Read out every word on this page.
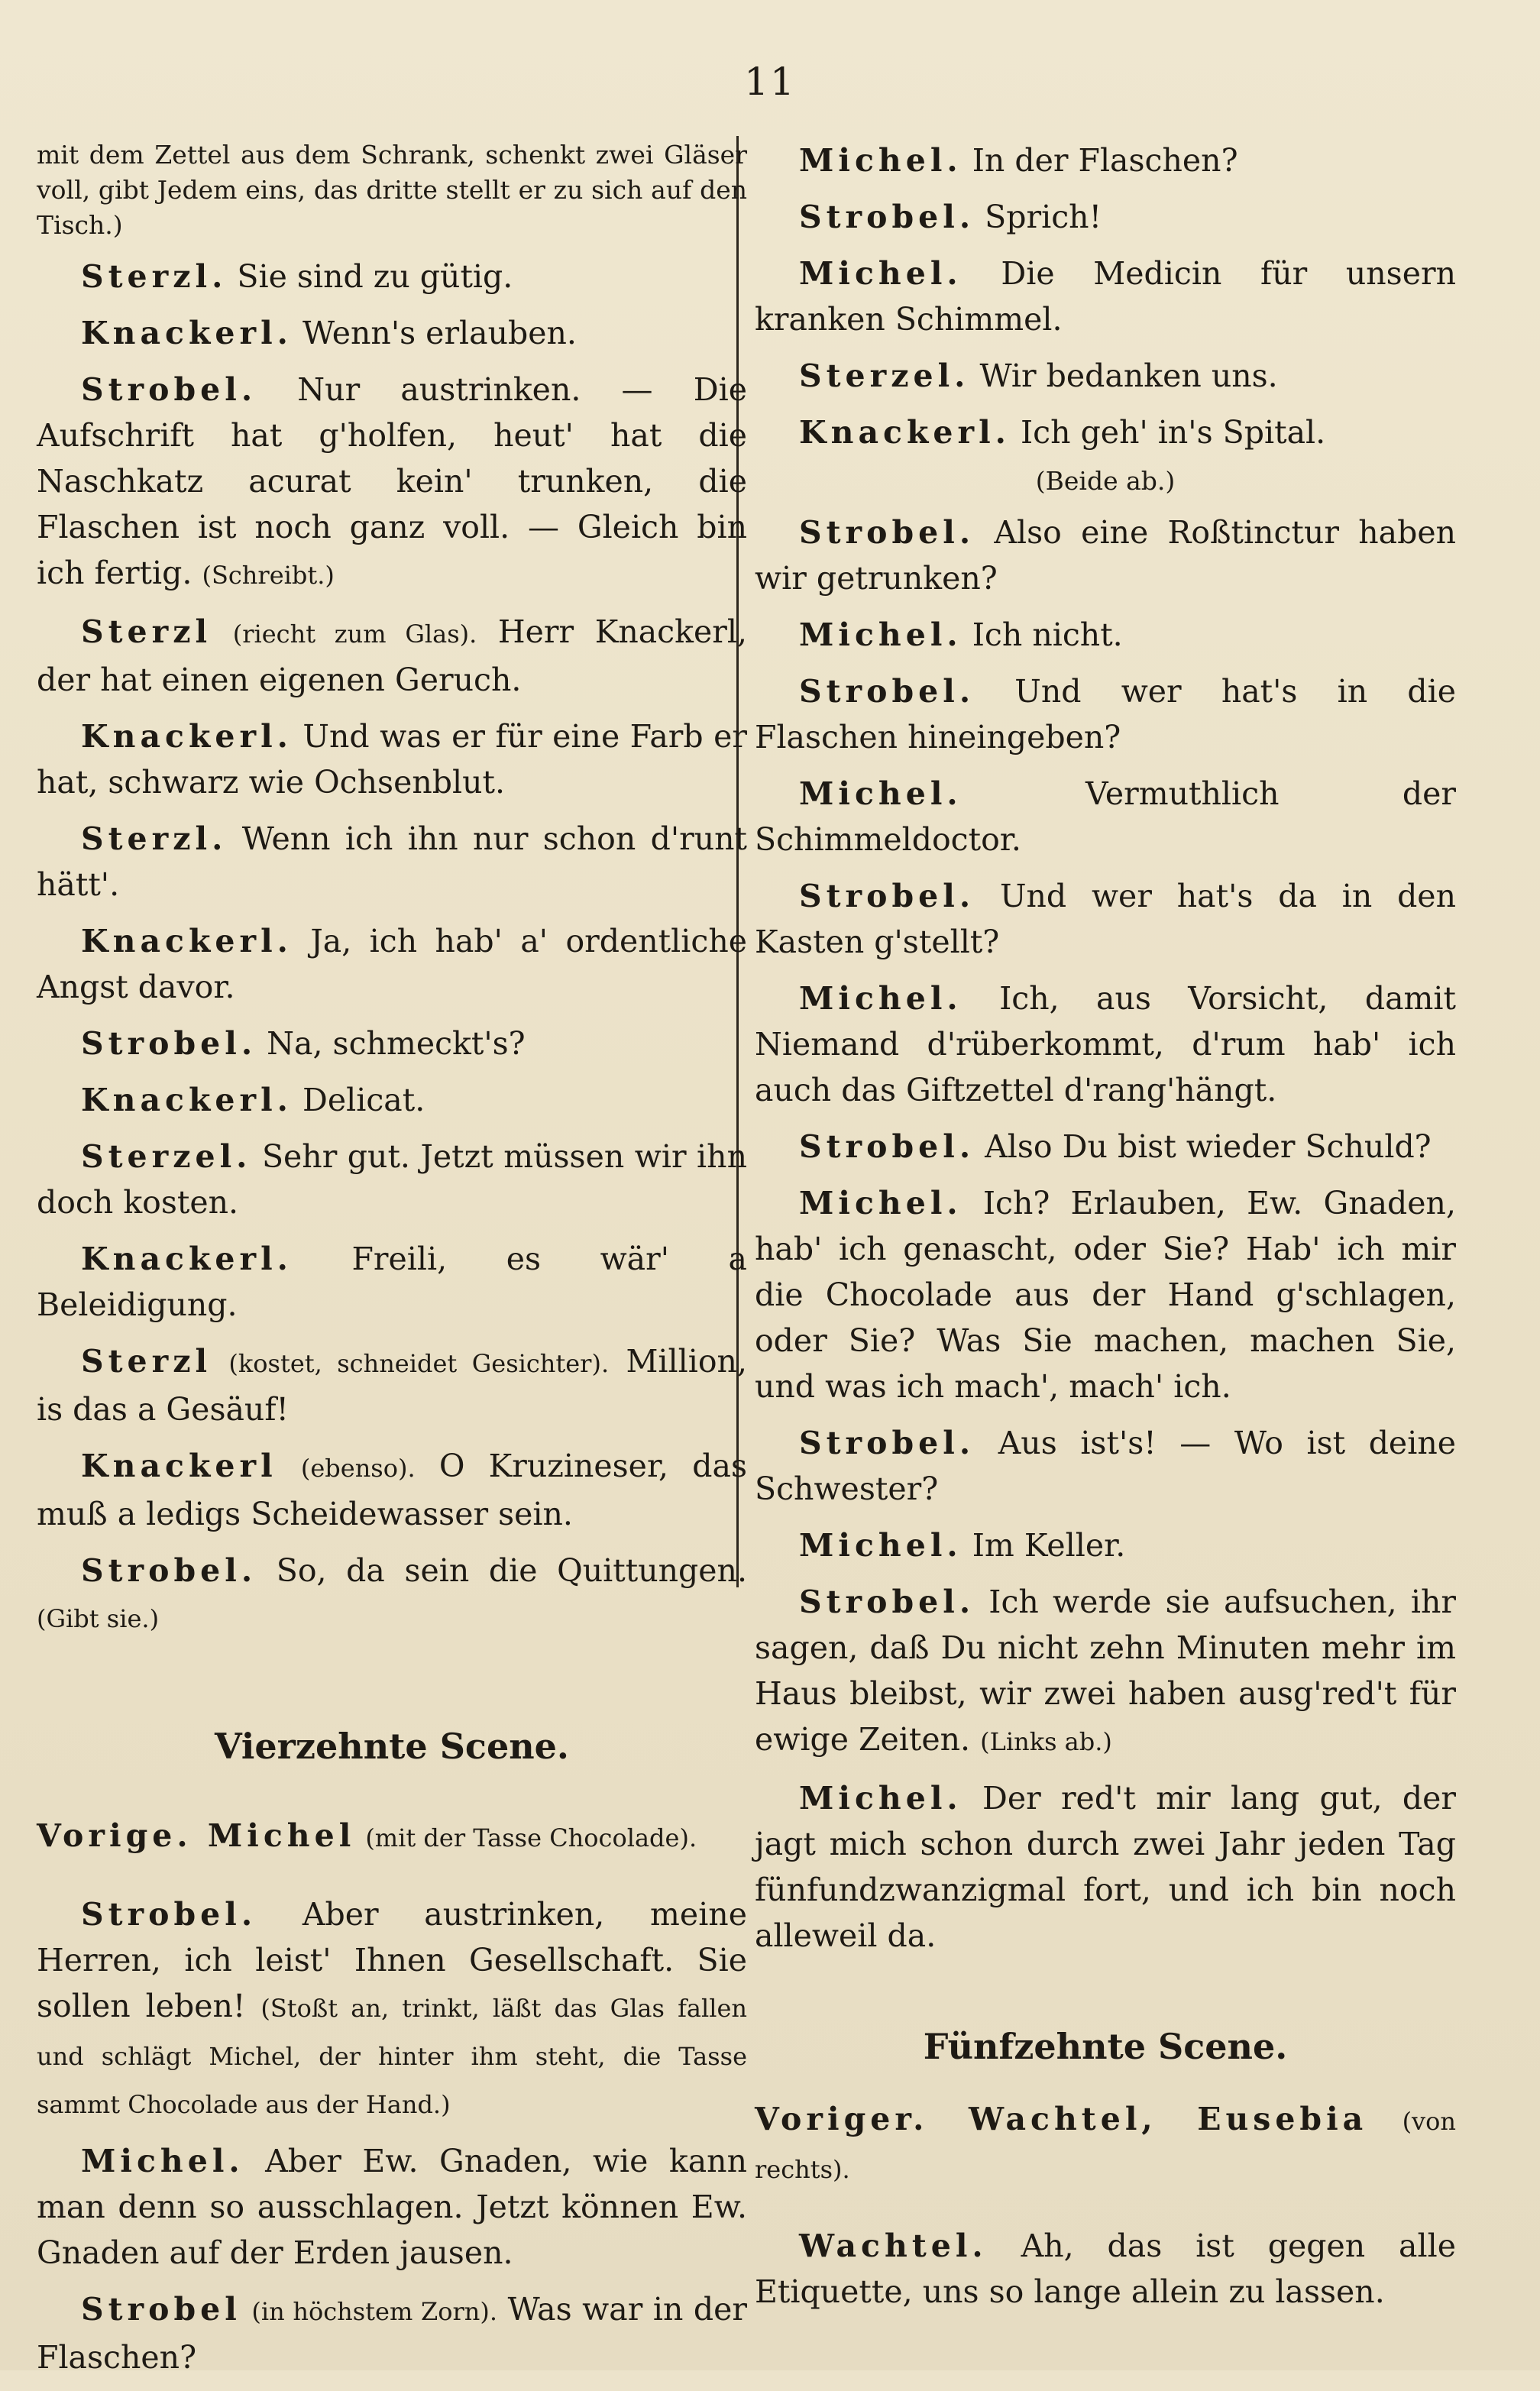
11

mit dem Zettel aus dem Schrank, schenkt zwei Gläser voll, gibt Jedem eins, das dritte stellt er zu sich auf den Tisch.)

Sterzl. Sie sind zu gütig.

Knackerl. Wenn's erlauben.

Strobel. Nur austrinken. — Die Aufschrift hat g'holfen, heut' hat die Naschkatz acurat kein' trunken, die Flaschen ist noch ganz voll. — Gleich bin ich fertig. (Schreibt.)

Sterzl (riecht zum Glas). Herr Knackerl, der hat einen eigenen Geruch.

Knackerl. Und was er für eine Farb er hat, schwarz wie Ochsenblut.

Sterzl. Wenn ich ihn nur schon d'runt hätt'.

Knackerl. Ja, ich hab' a' ordentliche Angst davor.

Strobel. Na, schmeckt's?

Knackerl. Delicat.

Sterzel. Sehr gut. Jetzt müssen wir ihn doch kosten.

Knackerl. Freili, es wär' a Beleidigung.

Sterzl (kostet, schneidet Gesichter). Million, is das a Gesäuf!

Knackerl (ebenso). O Kruzineser, das muß a ledigs Scheidewasser sein.

Strobel. So, da sein die Quittungen. (Gibt sie.)

Vierzehnte Scene.

Vorige. Michel (mit der Tasse Chocolade).

Strobel. Aber austrinken, meine Herren, ich leist' Ihnen Gesellschaft. Sie sollen leben! (Stoßt an, trinkt, läßt das Glas fallen und schlägt Michel, der hinter ihm steht, die Tasse sammt Chocolade aus der Hand.)

Michel. Aber Ew. Gnaden, wie kann man denn so ausschlagen. Jetzt können Ew. Gnaden auf der Erden jausen.

Strobel (in höchstem Zorn). Was war in der Flaschen?

Michel. In der Flaschen?

Strobel. Sprich!

Michel. Die Medicin für unsern kranken Schimmel.

Sterzel. Wir bedanken uns.

Knackerl. Ich geh' in's Spital.

(Beide ab.)

Strobel. Also eine Roßtinctur haben wir getrunken?

Michel. Ich nicht.

Strobel. Und wer hat's in die Flaschen hineingeben?

Michel.	Vermuthlich der Schimmeldoctor.

Strobel. Und wer hat's da in den Kasten g'stellt?

Michel. Ich, aus Vorsicht, damit Niemand d'rüberkommt, d'rum hab' ich auch das Giftzettel d'rang'hängt.

Strobel. Also Du bist wieder Schuld?

Michel. Ich? Erlauben, Ew. Gnaden, hab' ich genascht, oder Sie? Hab' ich mir die Chocolade aus der Hand g'schlagen, oder Sie? Was Sie machen, machen Sie, und was ich mach', mach' ich.

Strobel. Aus ist's! — Wo ist deine Schwester?

Michel. Im Keller.

Strobel. Ich werde sie aufsuchen, ihr sagen, daß Du nicht zehn Minuten mehr im Haus bleibst, wir zwei haben ausg'red't für ewige Zeiten. (Links ab.)

Michel. Der red't mir lang gut, der jagt mich schon durch zwei Jahr jeden Tag fünfundzwanzigmal fort, und ich bin noch alleweil da.

Fünfzehnte Scene.

Voriger. Wachtel, Eusebia (von rechts).

Wachtel. Ah, das ist gegen alle Etiquette, uns so lange allein zu lassen.
